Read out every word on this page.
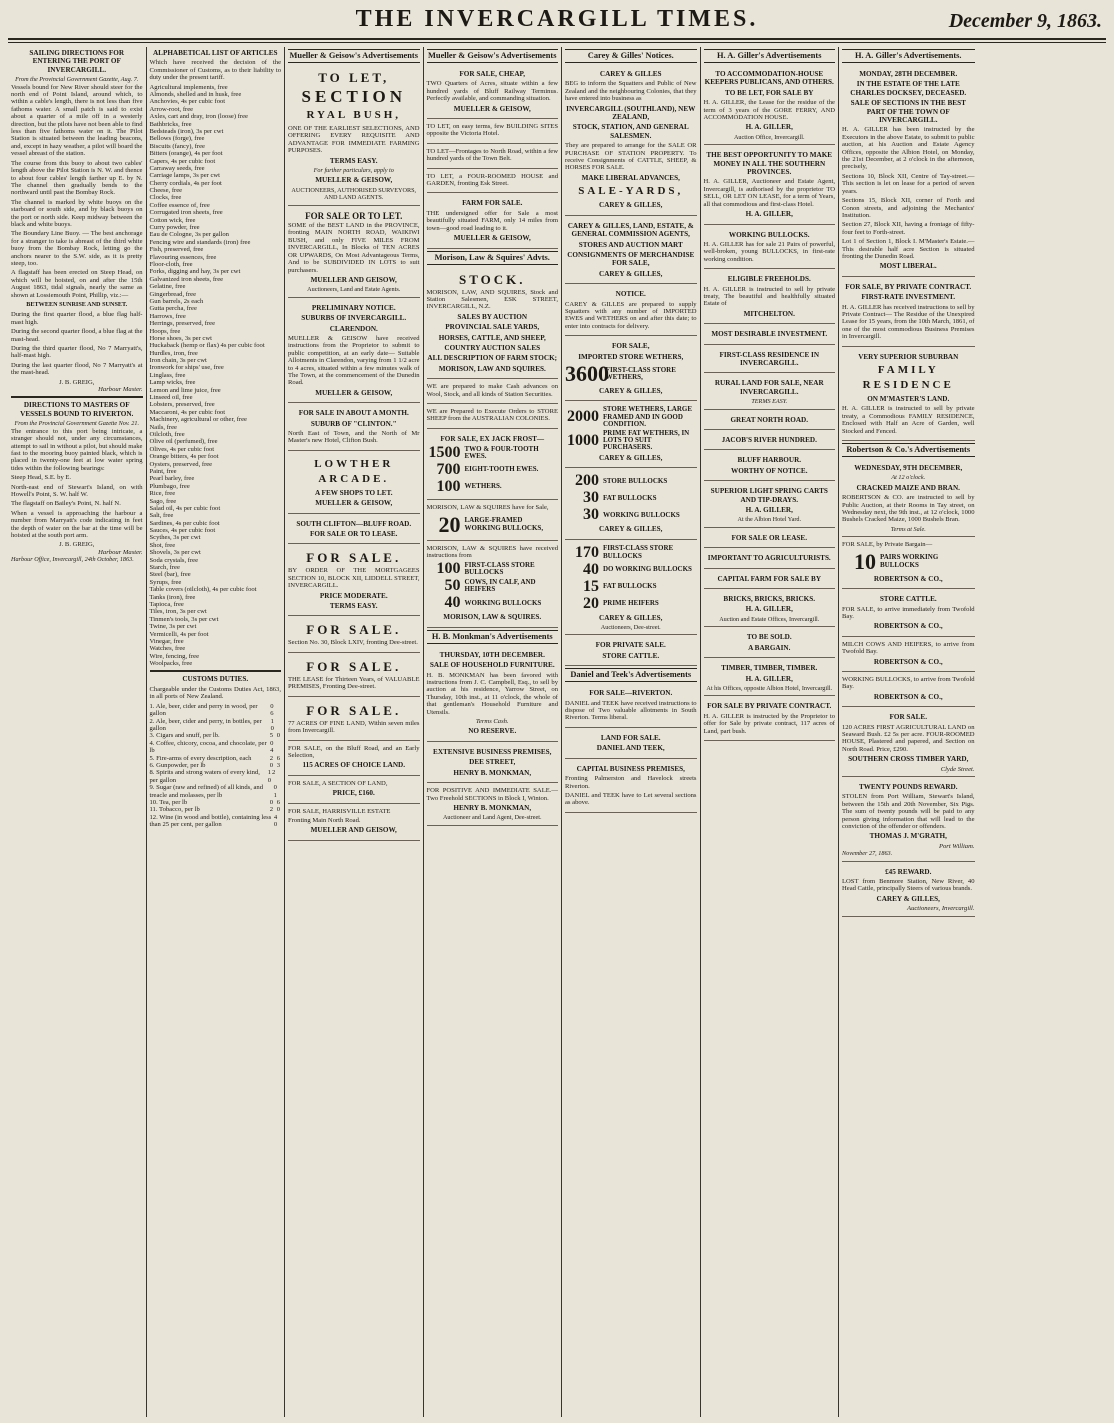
THE INVERCARGILL TIMES.	December 9, 1863.
SAILING DIRECTIONS FOR ENTERING THE PORT OF INVERCARGILL.
From the Provincial Government Gazette, Aug. 7.

Vessels bound for New River should steer for the north end of Point Island, around which, to within a cable's length, there is not less than five fathoms water. A small patch is said to exist about a quarter of a mile off in a westerly direction, but the pilots have not been able to find less than five fathoms water on it. The Pilot Station is situated between the leading beacons, and, except in hazy weather, a pilot will board the vessel abreast of the station.

The course from this buoy to about two cables' length above the Pilot Station is N. W. and thence to about four cables' length farther up E. by N. The channel then gradually bends to the northward until past the Bombay Rock.

The channel is marked by white buoys on the starboard or south side, and by black buoys on the port or north side. Keep midway between the black and white buoys.

The Boundary Line Buoy. — The best anchorage for a stranger to take is abreast of the third white buoy from the Bombay Rock, letting go the anchors nearer to the S.W. side, as it is pretty steep, too.

A flagstaff has been erected on Steep Head, on which will be hoisted, on and after the 15th August 1863, tidal signals, nearly the same as shown at Lossiemouth Point, Phillip, viz.:—

BETWEEN SUNRISE AND SUNSET.

During the first quarter flood, a blue flag half-mast high.

During the second quarter flood, a blue flag at the mast-head.

During the third quarter flood, No 7 Marryatt's, half-mast high.

During the last quarter flood, No 7 Marryatt's at the mast-head.

J. B. GREIG,
Harbour Master.
DIRECTIONS TO MASTERS OF VESSELS BOUND TO RIVERTON.
From the Provincial Government Gazette Nov. 21.

The entrance to this port being intricate, a stranger should not, under any circumstances, attempt to sail in without a pilot, but should make fast to the mooring buoy painted black, which is placed in twenty-one feet at low water spring tides within the following bearings:

Steep Head, S.E. by E.

North-east end of Stewart's Island, on with Howell's Point, S. W. half W.

The flagstaff on Bailey's Point, N. half N.

When a vessel is approaching the harbour a number from Marryatt's code indicating in feet the depth of water on the bar at the time will be hoisted at the south port arm.

J. B. GREIG,
Harbour Master.
Harbour Office, Invercargill, 24th October, 1863.
ALPHABETICAL LIST OF ARTICLES

Which have received the decision of the Commissioner of Customs, as to their liability to duty under the present tariff.

Agricultural implements, free
Almonds, shelled and in husk, free
Anchovies, 4s per cubic foot
Arrow-root, free
Axles, cart and dray, iron (loose) free
Bathbricks, free
Bedsteads (iron), 3s per cwt
Bellows (forge), free
Biscuits (fancy), free
Bitters (orange), 4s per foot
Capers, 4s per cubic foot
Carraway seeds, free
Carriage lamps, 3s per cwt
Cherry cordials, 4s per foot
Cheese, free
Clocks, free
Coffee essence of, free
Corrugated iron sheets, free
Cotton wick, free
Curry powder, free
Eau de Cologne, 3s per gallon
Fencing wire and standards (iron) free
Fish, preserved, free
Flavouring essences, free
Floor-cloth, free
Forks, digging and hay, 3s per cwt
Galvanized iron sheets, free
Gelatine, free
Gingerbread, free
Gun barrels, 2s each
Gutta percha, free
Harrows, free
Herrings, preserved, free
Hoops, free
Horse shoes, 3s per cwt
Huckaback (hemp or flax) 4s per cubic foot
Hurdles, iron, free
Iron chain, 3s per cwt
Ironwork for ships' use, free
Linglass, free
Lamp wicks, free
Lemon and lime juice, free
Linseed oil, free
Lobsters, preserved, free
Maccaroni, 4s per cubic foot
Machinery, agricultural or other, free
Nails, free
Oilcloth, free
Olive oil (perfumed), free
Olives, 4s per cubic foot
Orange bitters, 4s per foot
Oysters, preserved, free
Paint, free
Pearl barley, free
Plumbago, free
Rice, free
Sago, free
Salad oil, 4s per cubic foot
Salt, free
Sardines, 4s per cubic foot
Sauces, 4s per cubic foot
Scythes, 3s per cwt
Shot, free
Shovels, 3s per cwt
Soda crystals, free
Starch, free
Steel (bar), free
Syrups, free
Table covers (oilcloth), 4s per cubic foot
Tanks (iron), free
Tapioca, free
Tiles, iron, 3s per cwt
Tinmen's tools, 3s per cwt
Twine, 3s per cwt
Vermicelli, 4s per foot
Vinegar, free
Watches, free
Wire, fencing, free
Woolpacks, free
CUSTOMS DUTIES.

Chargeable under the Customs Duties Act, 1863, in all ports of New Zealand.

1. Ale, beer, cider and perry in wood, per gallon
0 6
2. Ale, beer, cider and perry, in bottles, per gallon
1 0
3. Cigars and snuff, per lb.	5 0
4. Coffee, chicory, cocoa, and chocolate, per lb
0 4
5. Fire-arms of every description, each	2 6
6. Gunpowder, per lb	0 3
8. Spirits and strong waters of every kind, per gallon
12 0
9. Sugar (raw and refined) of all kinds, and treacle and molasses, per lb
0 1
10. Tea, per lb	0 6
11. Tobacco, per lb	2 0
12. Wine (in wood and bottle), containing less than 25 per cent, per gallon
4 0
Mueller & Geisow's Advertisements
TO LET,
SECTION
RYAL BUSH,

ONE OF THE EARLIEST SELECTIONS, AND OFFERING EVERY REQUISITE AND ADVANTAGE FOR IMMEDIATE FARMING PURPOSES.

TERMS EASY.
For further particulars, apply to
MUELLER & GEISOW,
AUCTIONEERS, AUTHORISED SURVEYORS, AND LAND AGENTS.
FOR SALE OR TO LET.

SOME of the BEST LAND in the PROVINCE, fronting MAIN NORTH ROAD, WAIKIWI BUSH, and only FIVE MILES FROM INVERCARGILL, In Blocks of TEN ACRES OR UPWARDS, On Most Advantageous Terms, And to be SUBDIVIDED IN LOTS to suit purchasers.

MUELLER AND GEISOW,
Auctioneers, Land and Estate Agents.
PRELIMINARY NOTICE.
SUBURBS OF INVERCARGILL.
CLARENDON.

MUELLER & GEISOW have received instructions from the Proprietor to submit to public competition, at an early date— Suitable Allotments in Clarendon, varying from 1 1/2 acre to 4 acres, situated within a few minutes walk of The Town, at the commencement of the Dunedin Road.

MUELLER & GEISOW,
FOR SALE IN ABOUT A MONTH.
SUBURB OF "CLINTON."

North East of Town, and the North of Mr Master's new Hotel, Clifton Bush.

LOWTHER ARCADE.
A FEW SHOPS TO LET.
MUELLER & GEISOW,
SOUTH CLIFTON—BLUFF ROAD.
FOR SALE OR TO LEASE.
FOR SALE.

BY ORDER OF THE MORTGAGEES SECTION 10, BLOCK XII, LIDDELL STREET, INVERCARGILL.

PRICE MODERATE.
TERMS EASY.
FOR SALE.

Section No. 30, Block LXIV, fronting Dee-street.

FOR SALE.

THE LEASE for Thirteen Years, of VALUABLE PREMISES, Fronting Dee-street.

FOR SALE.

77 ACRES OF FINE LAND, Within seven miles from Invercargill.

FOR SALE, on the Bluff Road, and an Early Selection,

115 ACRES OF CHOICE LAND.

FOR SALE, A SECTION OF LAND,

PRICE, £160.

FOR SALE, HARRISVILLE ESTATE

Fronting Main North Road.

MUELLER AND GEISOW,
Mueller & Geisow's Advertisements
FOR SALE, CHEAP,

TWO Quarters of Acres, situate within a few hundred yards of Bluff Railway Terminus. Perfectly available, and commanding situation.

MUELLER & GEISOW,

TO LET, on easy terms, few BUILDING SITES opposite the Victoria Hotel.

TO LET—Frontages to North Road, within a few hundred yards of the Town Belt.

TO LET, a FOUR-ROOMED HOUSE and GARDEN, fronting Esk Street.

FARM FOR SALE.

THE undersigned offer for Sale a most beautifully situated FARM, only 14 miles from town—good road leading to it.

MUELLER & GEISOW,
Morison, Law & Squires' Advts.
STOCK.

MORISON, LAW, AND SQUIRES, Stock and Station Salesmen, ESK STREET, INVERCARGILL, N.Z.

SALES BY AUCTION
PROVINCIAL SALE YARDS,
HORSES, CATTLE, AND SHEEP,
COUNTRY AUCTION SALES
ALL DESCRIPTION OF FARM STOCK;
MORISON, LAW AND SQUIRES.

WE are prepared to make Cash advances on Wool, Stock, and all kinds of Station Securities.

WE are Prepared to Execute Orders to STORE SHEEP from the AUSTRALIAN COLONIES.

FOR SALE, EX JACK FROST—
1500 TWO & FOUR-TOOTH EWES.
700 EIGHT-TOOTH EWES.
100 WETHERS.

MORISON, LAW & SQUIRES have for Sale,

20 LARGE-FRAMED WORKING BULLOCKS,

MORISON, LAW & SQUIRES have received instructions from

100 FIRST-CLASS STORE BULLOCKS
50 COWS, IN CALF, AND HEIFERS
40 WORKING BULLOCKS
MORISON, LAW & SQUIRES.
H. B. Monkman's Advertisements
THURSDAY, 10TH DECEMBER.
SALE OF HOUSEHOLD FURNITURE.

H. B. MONKMAN has been favored with instructions from J. C. Campbell, Esq., to sell by auction at his residence, Yarrow Street, on Thursday, 10th inst., at 11 o'clock, the whole of that gentleman's Household Furniture and Utensils.

Terms Cash.
NO RESERVE.
EXTENSIVE BUSINESS PREMISES,
DEE STREET,
HENRY B. MONKMAN,

FOR POSITIVE AND IMMEDIATE SALE.—Two Freehold SECTIONS in Block I, Winton.

HENRY B. MONKMAN,
Auctioneer and Land Agent, Dee-street.
Carey & Gilles' Notices.
CAREY & GILLES

BEG to inform the Squatters and Public of New Zealand and the neighbouring Colonies, that they have entered into business as

INVERCARGILL (SOUTHLAND), NEW ZEALAND,
STOCK, STATION, AND GENERAL SALESMEN.

They are prepared to arrange for the SALE OR PURCHASE OF STATION PROPERTY. To receive Consignments of CATTLE, SHEEP, & HORSES FOR SALE.

MAKE LIBERAL ADVANCES,
SALE-YARDS,
CAREY & GILLES,
CAREY & GILLES, LAND, ESTATE, & GENERAL COMMISSION AGENTS,
STORES AND AUCTION MART
CONSIGNMENTS OF MERCHANDISE FOR SALE,
CAREY & GILLES,
NOTICE.

CAREY & GILLES are prepared to supply Squatters with any number of IMPORTED EWES and WETHERS on and after this date; to enter into contracts for delivery.

FOR SALE,
IMPORTED STORE WETHERS,
3600
FIRST-CLASS STORE WETHERS,
CAREY & GILLES,
2000 STORE WETHERS, LARGE FRAMED AND IN GOOD CONDITION.
1000 PRIME FAT WETHERS, IN LOTS TO SUIT PURCHASERS.
CAREY & GILLES,
200 STORE BULLOCKS
30 FAT BULLOCKS
30 WORKING BULLOCKS
CAREY & GILLES,
170 FIRST-CLASS STORE BULLOCKS
40 DO WORKING BULLOCKS
15 FAT BULLOCKS
20 PRIME HEIFERS
CAREY & GILLES,
Auctioneers, Dee-street.
FOR PRIVATE SALE.
STORE CATTLE.
Daniel and Teek's Advertisements
FOR SALE—RIVERTON.

DANIEL and TEEK have received instructions to dispose of Two valuable allotments in South Riverton. Terms liberal.

LAND FOR SALE.
DANIEL AND TEEK,
CAPITAL BUSINESS PREMISES,

Fronting Palmerston and Havelock streets Riverton.

DANIEL and TEEK have to Let several sections as above.

H. A. Giller's Advertisements
TO ACCOMMODATION-HOUSE KEEPERS PUBLICANS, AND OTHERS.
TO BE LET, FOR SALE BY

H. A. GILLER, the Lease for the residue of the term of 3 years of the GORE FERRY, AND ACCOMMODATION HOUSE.

H. A. GILLER,
Auction Office, Invercargill.
THE BEST OPPORTUNITY TO MAKE MONEY IN ALL THE SOUTHERN PROVINCES.

H. A. GILLER, Auctioneer and Estate Agent, Invercargill, is authorised by the proprietor TO SELL, OR LET ON LEASE, for a term of Years, all that commodious and first-class Hotel.

H. A. GILLER,
WORKING BULLOCKS.

H. A. GILLER has for sale 21 Pairs of powerful, well-broken, young BULLOCKS, in first-rate working condition.

ELIGIBLE FREEHOLDS.

H. A. GILLER is instructed to sell by private treaty, The beautiful and healthfully situated Estate of

MITCHELTON.
MOST DESIRABLE INVESTMENT.
FIRST-CLASS RESIDENCE IN INVERCARGILL.
RURAL LAND FOR SALE, NEAR INVERCARGILL.
TERMS EASY.
GREAT NORTH ROAD.
JACOB'S RIVER HUNDRED.
BLUFF HARBOUR.
WORTHY OF NOTICE.
SUPERIOR LIGHT SPRING CARTS AND TIP-DRAYS.
H. A. GILLER,
At the Albion Hotel Yard.
FOR SALE OR LEASE.
IMPORTANT TO AGRICULTURISTS.
CAPITAL FARM FOR SALE BY
BRICKS, BRICKS, BRICKS.
H. A. GILLER,
Auction and Estate Offices, Invercargill.
TO BE SOLD.
A BARGAIN.
TIMBER, TIMBER, TIMBER.
H. A. GILLER,
At his Offices, opposite Albion Hotel, Invercargill.
FOR SALE BY PRIVATE CONTRACT.

H. A. GILLER is instructed by the Proprietor to offer for Sale by private contract, 117 acres of Land, part bush.

H. A. Giller's Advertisements.
MONDAY, 28TH DECEMBER.
IN THE ESTATE OF THE LATE CHARLES DOCKSEY, DECEASED.
SALE OF SECTIONS IN THE BEST PART OF THE TOWN OF INVERCARGILL.

H. A. GILLER has been instructed by the Executors in the above Estate, to submit to public auction, at his Auction and Estate Agency Offices, opposite the Albion Hotel, on Monday, the 21st December, at 2 o'clock in the afternoon, precisely,

Sections 10, Block XII, Centre of Tay-street.—This section is let on lease for a period of seven years.

Sections 15, Block XII, corner of Forth and Conon streets, and adjoining the Mechanics' Institution.

Section 27, Block XII, having a frontage of fifty-four feet to Forth-street.

Lot 1 of Section 1, Block I. M'Master's Estate.—This desirable half acre Section is situated fronting the Dunedin Road.

MOST LIBERAL.
FOR SALE, BY PRIVATE CONTRACT.
FIRST-RATE INVESTMENT.

H. A. GILLER has received instructions to sell by Private Contract— The Residue of the Unexpired Lease for 15 years, from the 10th March, 1861, of one of the most commodious Business Premises in Invercargill.

VERY SUPERIOR SUBURBAN
FAMILY RESIDENCE
ON M'MASTER'S LAND.

H. A. GILLER is instructed to sell by private treaty, a Commodious FAMILY RESIDENCE, Enclosed with Half an Acre of Garden, well Stocked and Fenced.

Robertson & Co.'s Advertisements
WEDNESDAY, 9TH DECEMBER,
At 12 o'clock.
CRACKED MAIZE AND BRAN.

ROBERTSON & CO. are instructed to sell by Public Auction, at their Rooms in Tay street, on Wednesday next, the 9th inst., at 12 o'clock, 1000 Bushels Cracked Maize, 1000 Bushels Bran.

Terms at Sale.

FOR SALE, by Private Bargain—

10 PAIRS WORKING BULLOCKS
ROBERTSON & CO.,
STORE CATTLE.

FOR SALE, to arrive immediately from Twofold Bay.

ROBERTSON & CO.,

MILCH COWS AND HEIFERS, to arrive from Twofold Bay.

ROBERTSON & CO.,

WORKING BULLOCKS, to arrive from Twofold Bay.

ROBERTSON & CO.,
FOR SALE.

120 ACRES FIRST AGRICULTURAL LAND on Seaward Bush. £2 5s per acre. FOUR-ROOMED HOUSE, Plastered and papered, and Section on North Road. Price, £290.

SOUTHERN CROSS TIMBER YARD,
Clyde Street.
TWENTY POUNDS REWARD.

STOLEN from Port William, Stewart's Island, between the 15th and 20th November, Six Pigs. The sum of twenty pounds will be paid to any person giving information that will lead to the conviction of the offender or offenders.

THOMAS J. M'GRATH,
Port William.
November 27, 1863.
£45 REWARD.

LOST from Benmore Station, New River, 40 Head Cattle, principally Steers of various brands.

CAREY & GILLES,
Auctioneers, Invercargill.
